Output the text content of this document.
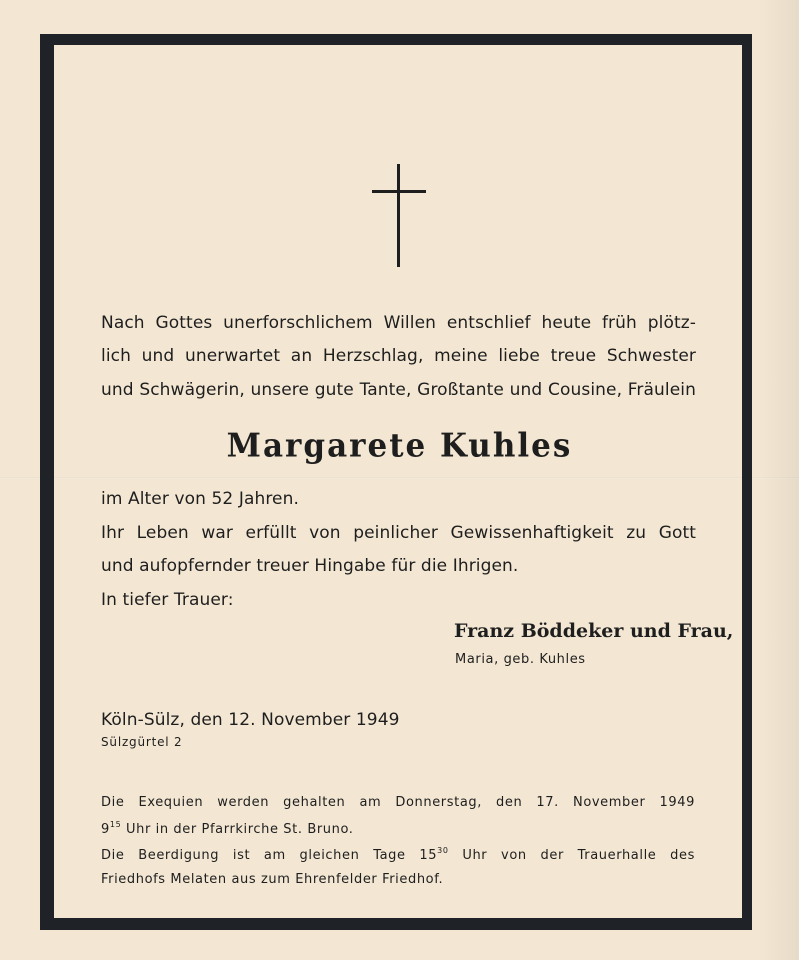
Nach Gottes unerforschlichem Willen entschlief heute früh plötz-
lich und unerwartet an Herzschlag, meine liebe treue Schwester
und Schwägerin, unsere gute Tante, Großtante und Cousine, Fräulein
Margarete Kuhles
im Alter von 52 Jahren.
Ihr Leben war erfüllt von peinlicher Gewissenhaftigkeit zu Gott
und aufopfernder treuer Hingabe für die Ihrigen.
In tiefer Trauer:
Franz Böddeker und Frau,
Maria, geb. Kuhles
Köln-Sülz, den 12. November 1949
Sülzgürtel 2
Die Exequien werden gehalten am Donnerstag, den 17. November 1949
$9^{15}$ Uhr in der Pfarrkirche St. Bruno.
Die Beerdigung ist am gleichen Tage $15^{30}$ Uhr von der Trauerhalle des
Friedhofs Melaten aus zum Ehrenfelder Friedhof.
